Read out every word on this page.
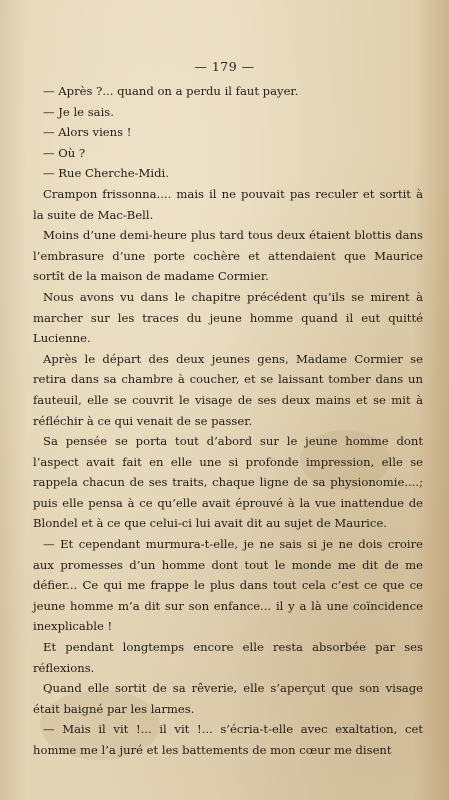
— 179 —

— Après ?... quand on a perdu il faut payer.

— Je le sais.

— Alors viens !

— Où ?

— Rue Cherche-Midi.

Crampon frissonna.... mais il ne pouvait pas reculer et sortit à la suite de Mac-Bell.

Moins d’une demi-heure plus tard tous deux étaient blottis dans l’embrasure d’une porte cochère et attendaient que Maurice sortît de la maison de madame Cormier.

Nous avons vu dans le chapitre précédent qu’ils se mirent à marcher sur les traces du jeune homme quand il eut quitté Lucienne.

Après le départ des deux jeunes gens, Madame Cormier se retira dans sa chambre à coucher, et se laissant tomber dans un fauteuil, elle se couvrit le visage de ses deux mains et se mit à réfléchir à ce qui venait de se passer.

Sa pensée se porta tout d’abord sur le jeune homme dont l’aspect avait fait en elle une si profonde impression, elle se rappela chacun de ses traits, chaque ligne de sa physionomie....; puis elle pensa à ce qu’elle avait éprouvé à la vue inattendue de Blondel et à ce que celui-ci lui avait dit au sujet de Maurice.

— Et cependant murmura-t-elle, je ne sais si je ne dois croire aux promesses d’un homme dont tout le monde me dit de me défier... Ce qui me frappe le plus dans tout cela c’est ce que ce jeune homme m’a dit sur son enfance... il y a là une coïncidence inexplicable !

Et pendant longtemps encore elle resta absorbée par ses réflexions.

Quand elle sortit de sa rêverie, elle s’aperçut que son visage était baigné par les larmes.

— Mais il vit !... il vit !... s’écria-t-elle avec exaltation, cet homme me l’a juré et les battements de mon cœur me disent
